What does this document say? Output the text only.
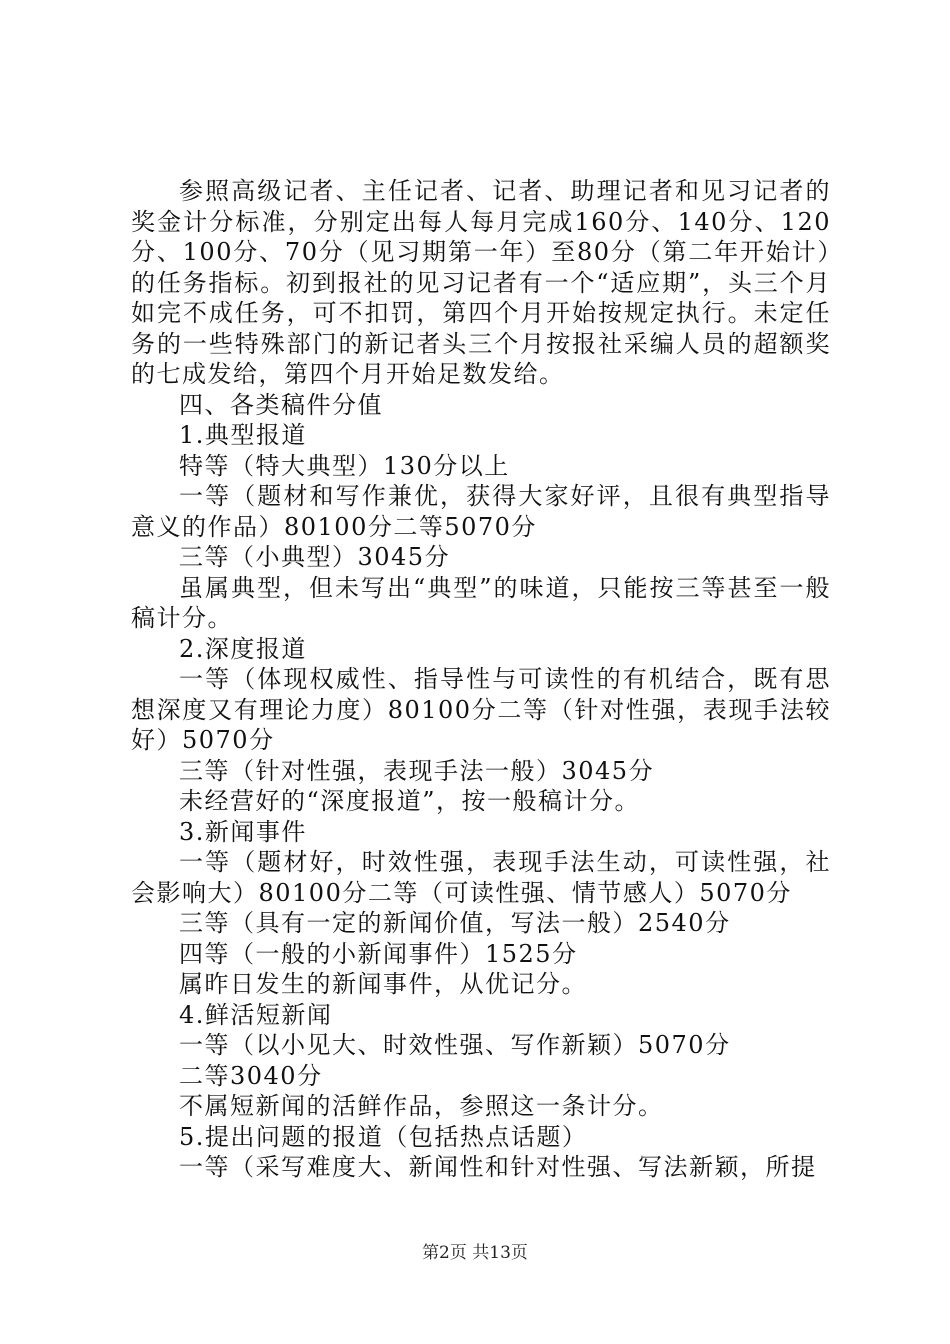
参照高级记者、主任记者、记者、助理记者和见习记者的奖金计分标准，分别定出每人每月完成160分、140分、120分、100分、70分（见习期第一年）至80分（第二年开始计）的任务指标。初到报社的见习记者有一个“适应期”，头三个月如完不成任务，可不扣罚，第四个月开始按规定执行。未定任务的一些特殊部门的新记者头三个月按报社采编人员的超额奖的七成发给，第四个月开始足数发给。

四、各类稿件分值

1.典型报道

特等（特大典型）130分以上

一等（题材和写作兼优，获得大家好评，且很有典型指导意义的作品）80100分二等5070分

三等（小典型）3045分

虽属典型，但未写出“典型”的味道，只能按三等甚至一般稿计分。

2.深度报道

一等（体现权威性、指导性与可读性的有机结合，既有思想深度又有理论力度）80100分二等（针对性强，表现手法较好）5070分

三等（针对性强，表现手法一般）3045分

未经营好的“深度报道”，按一般稿计分。

3.新闻事件

一等（题材好，时效性强，表现手法生动，可读性强，社会影响大）80100分二等（可读性强、情节感人）5070分

三等（具有一定的新闻价值，写法一般）2540分

四等（一般的小新闻事件）1525分

属昨日发生的新闻事件，从优记分。

4.鲜活短新闻

一等（以小见大、时效性强、写作新颖）5070分

二等3040分

不属短新闻的活鲜作品，参照这一条计分。

5.提出问题的报道（包括热点话题）

一等（采写难度大、新闻性和针对性强、写法新颖，所提

第2页 共13页
